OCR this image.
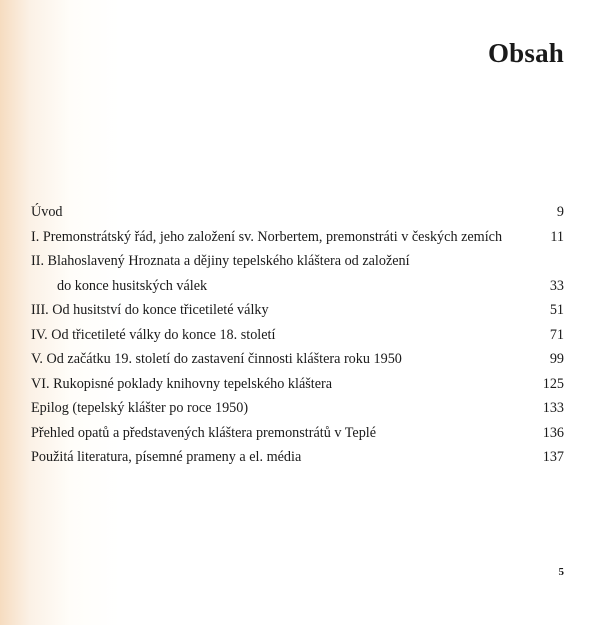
Obsah
Úvod	9
I. Premonstrátský řád, jeho založení sv. Norbertem, premonstráti v českých zemích	11
II. Blahoslavený Hroznata a dějiny tepelského kláštera od založení
do konce husitských válek	33
III. Od husitství do konce třicetileté války	51
IV. Od třicetileté války do konce 18. století	71
V. Od začátku 19. století do zastavení činnosti kláštera roku 1950	99
VI. Rukopisné poklady knihovny tepelského kláštera	125
Epilog (tepelský klášter po roce 1950)	133
Přehled opatů a představených kláštera premonstrátů v Teplé	136
Použitá literatura, písemné prameny a el. média	137
5
